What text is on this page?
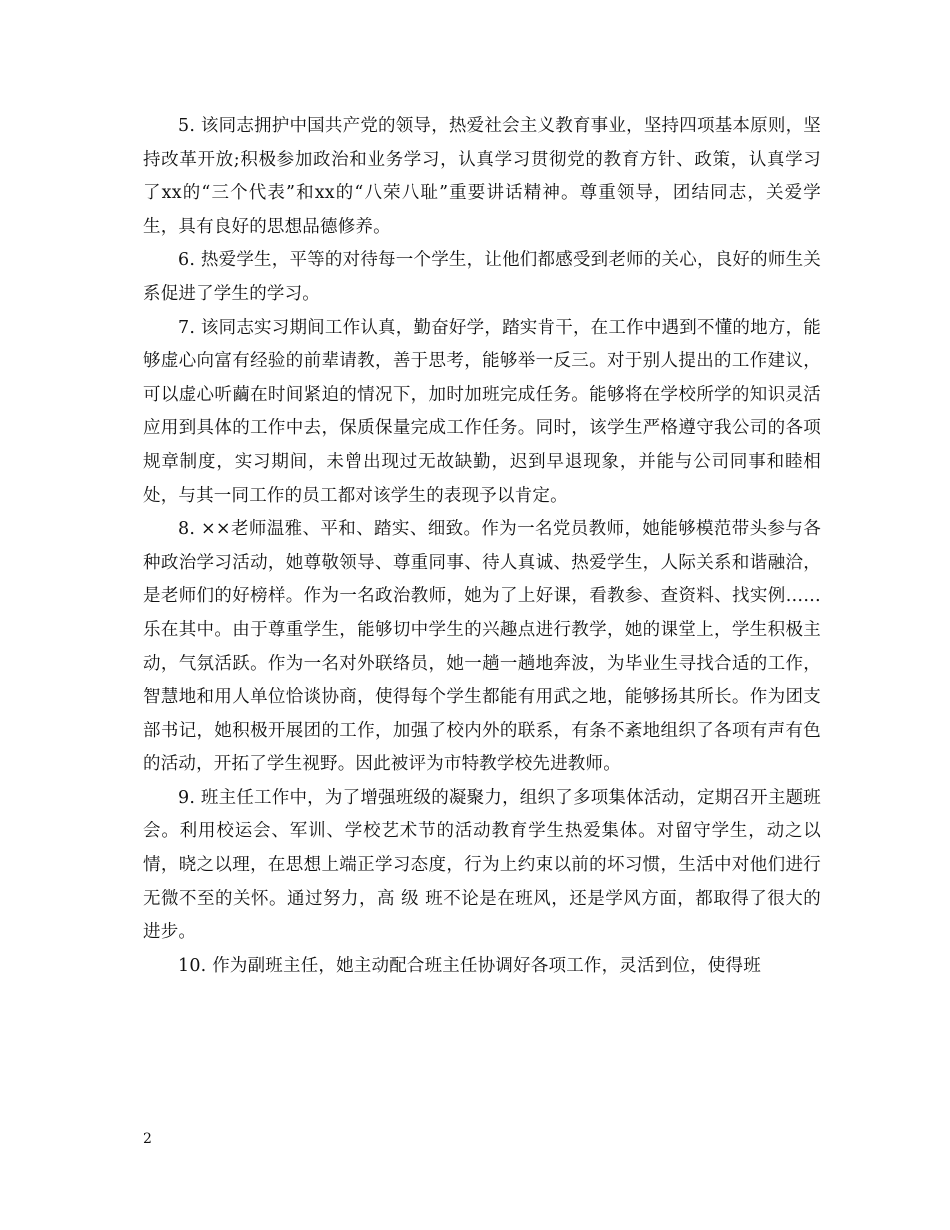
5. 该同志拥护中国共产党的领导，热爱社会主义教育事业，坚持四项基本原则，坚持改革开放;积极参加政治和业务学习，认真学习贯彻党的教育方针、政策，认真学习了xx的“三个代表”和xx的“八荣八耻”重要讲话精神。尊重领导，团结同志，关爱学生，具有良好的思想品德修养。

6. 热爱学生，平等的对待每一个学生，让他们都感受到老师的关心，良好的师生关系促进了学生的学习。

7. 该同志实习期间工作认真，勤奋好学，踏实肯干，在工作中遇到不懂的地方，能够虚心向富有经验的前辈请教，善于思考，能够举一反三。对于别人提出的工作建议，可以虚心听繭在时间紧迫的情况下，加时加班完成任务。能够将在学校所学的知识灵活应用到具体的工作中去，保质保量完成工作任务。同时，该学生严格遵守我公司的各项规章制度，实习期间，未曾出现过无故缺勤，迟到早退现象，并能与公司同事和睦相处，与其一同工作的员工都对该学生的表现予以肯定。

8. ××老师温雅、平和、踏实、细致。作为一名党员教师，她能够模范带头参与各种政治学习活动，她尊敬领导、尊重同事、待人真诚、热爱学生，人际关系和谐融洽，是老师们的好榜样。作为一名政治教师，她为了上好课，看教参、查资料、找实例……乐在其中。由于尊重学生，能够切中学生的兴趣点进行教学，她的课堂上，学生积极主动，气氛活跃。作为一名对外联络员，她一趟一趟地奔波，为毕业生寻找合适的工作，智慧地和用人单位恰谈协商，使得每个学生都能有用武之地，能够扬其所长。作为团支部书记，她积极开展团的工作，加强了校内外的联系，有条不紊地组织了各项有声有色的活动，开拓了学生视野。因此被评为市特教学校先进教师。

9. 班主任工作中，为了增强班级的凝聚力，组织了多项集体活动，定期召开主题班会。利用校运会、军训、学校艺术节的活动教育学生热爱集体。对留守学生，动之以情，晓之以理，在思想上端正学习态度，行为上约束以前的坏习惯，生活中对他们进行无微不至的关怀。通过努力，高 级 班不论是在班风，还是学风方面，都取得了很大的进步。

10. 作为副班主任，她主动配合班主任协调好各项工作，灵活到位，使得班

2
